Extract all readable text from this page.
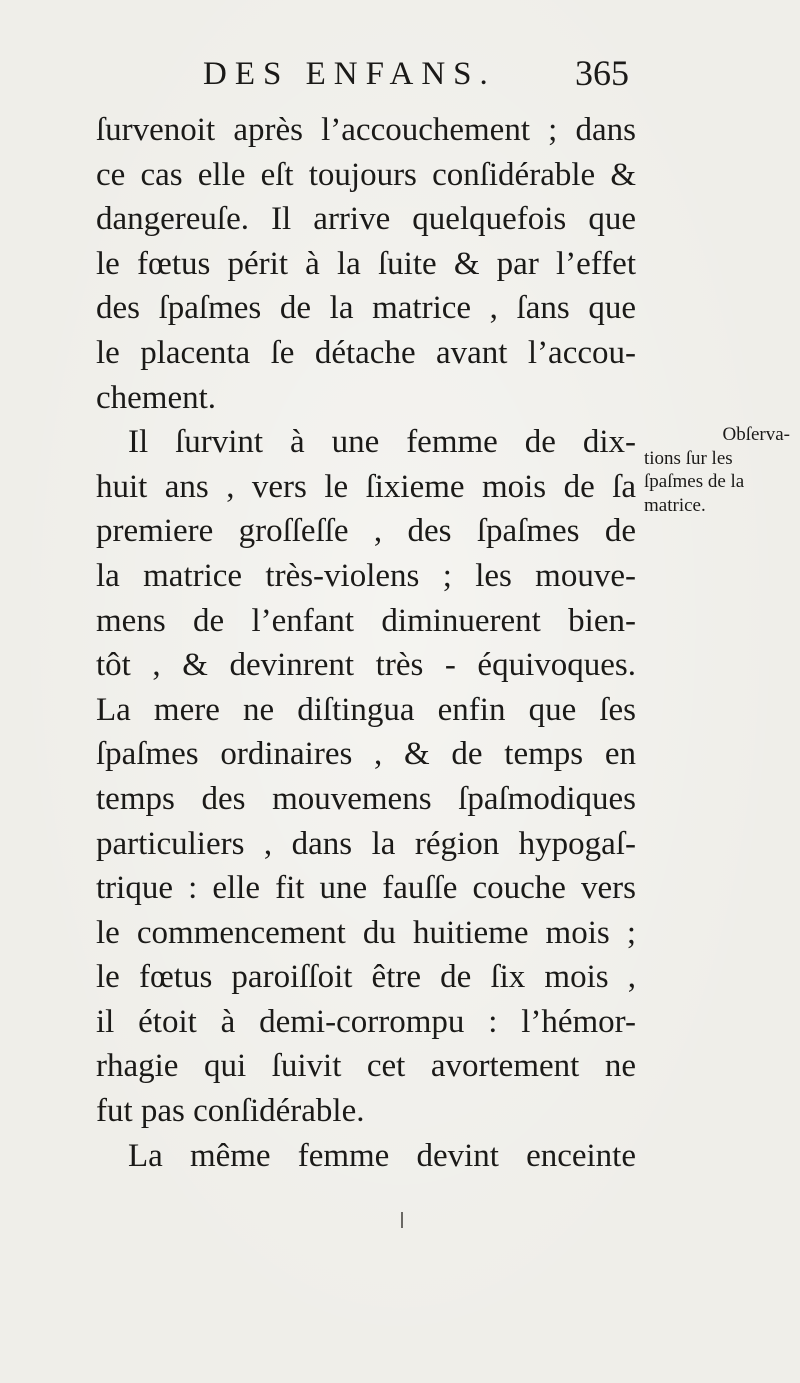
DES ENFANS. 365
ſurvenoit après l’accouchement ; dans
ce cas elle eſt toujours conſidérable &
dangereuſe. Il arrive quelquefois que
le fœtus périt à la ſuite & par l’effet
des ſpaſmes de la matrice , ſans que
le placenta ſe détache avant l’accou-
chement.
Il ſurvint à une femme de dix-
huit ans , vers le ſixieme mois de ſa
premiere groſſeſſe , des ſpaſmes de
la matrice très-violens ; les mouve-
mens de l’enfant diminuerent bien-
tôt , & devinrent très - équivoques.
La mere ne diſtingua enfin que ſes
ſpaſmes ordinaires , & de temps en
temps des mouvemens ſpaſmodiques
particuliers , dans la région hypogaſ-
trique : elle fit une fauſſe couche vers
le commencement du huitieme mois ;
le fœtus paroiſſoit être de ſix mois ,
il étoit à demi-corrompu : l’hémor-
rhagie qui ſuivit cet avortement ne
fut pas conſidérable.
La même femme devint enceinte
Obſerva-
tions ſur les
ſpaſmes de la
matrice.
